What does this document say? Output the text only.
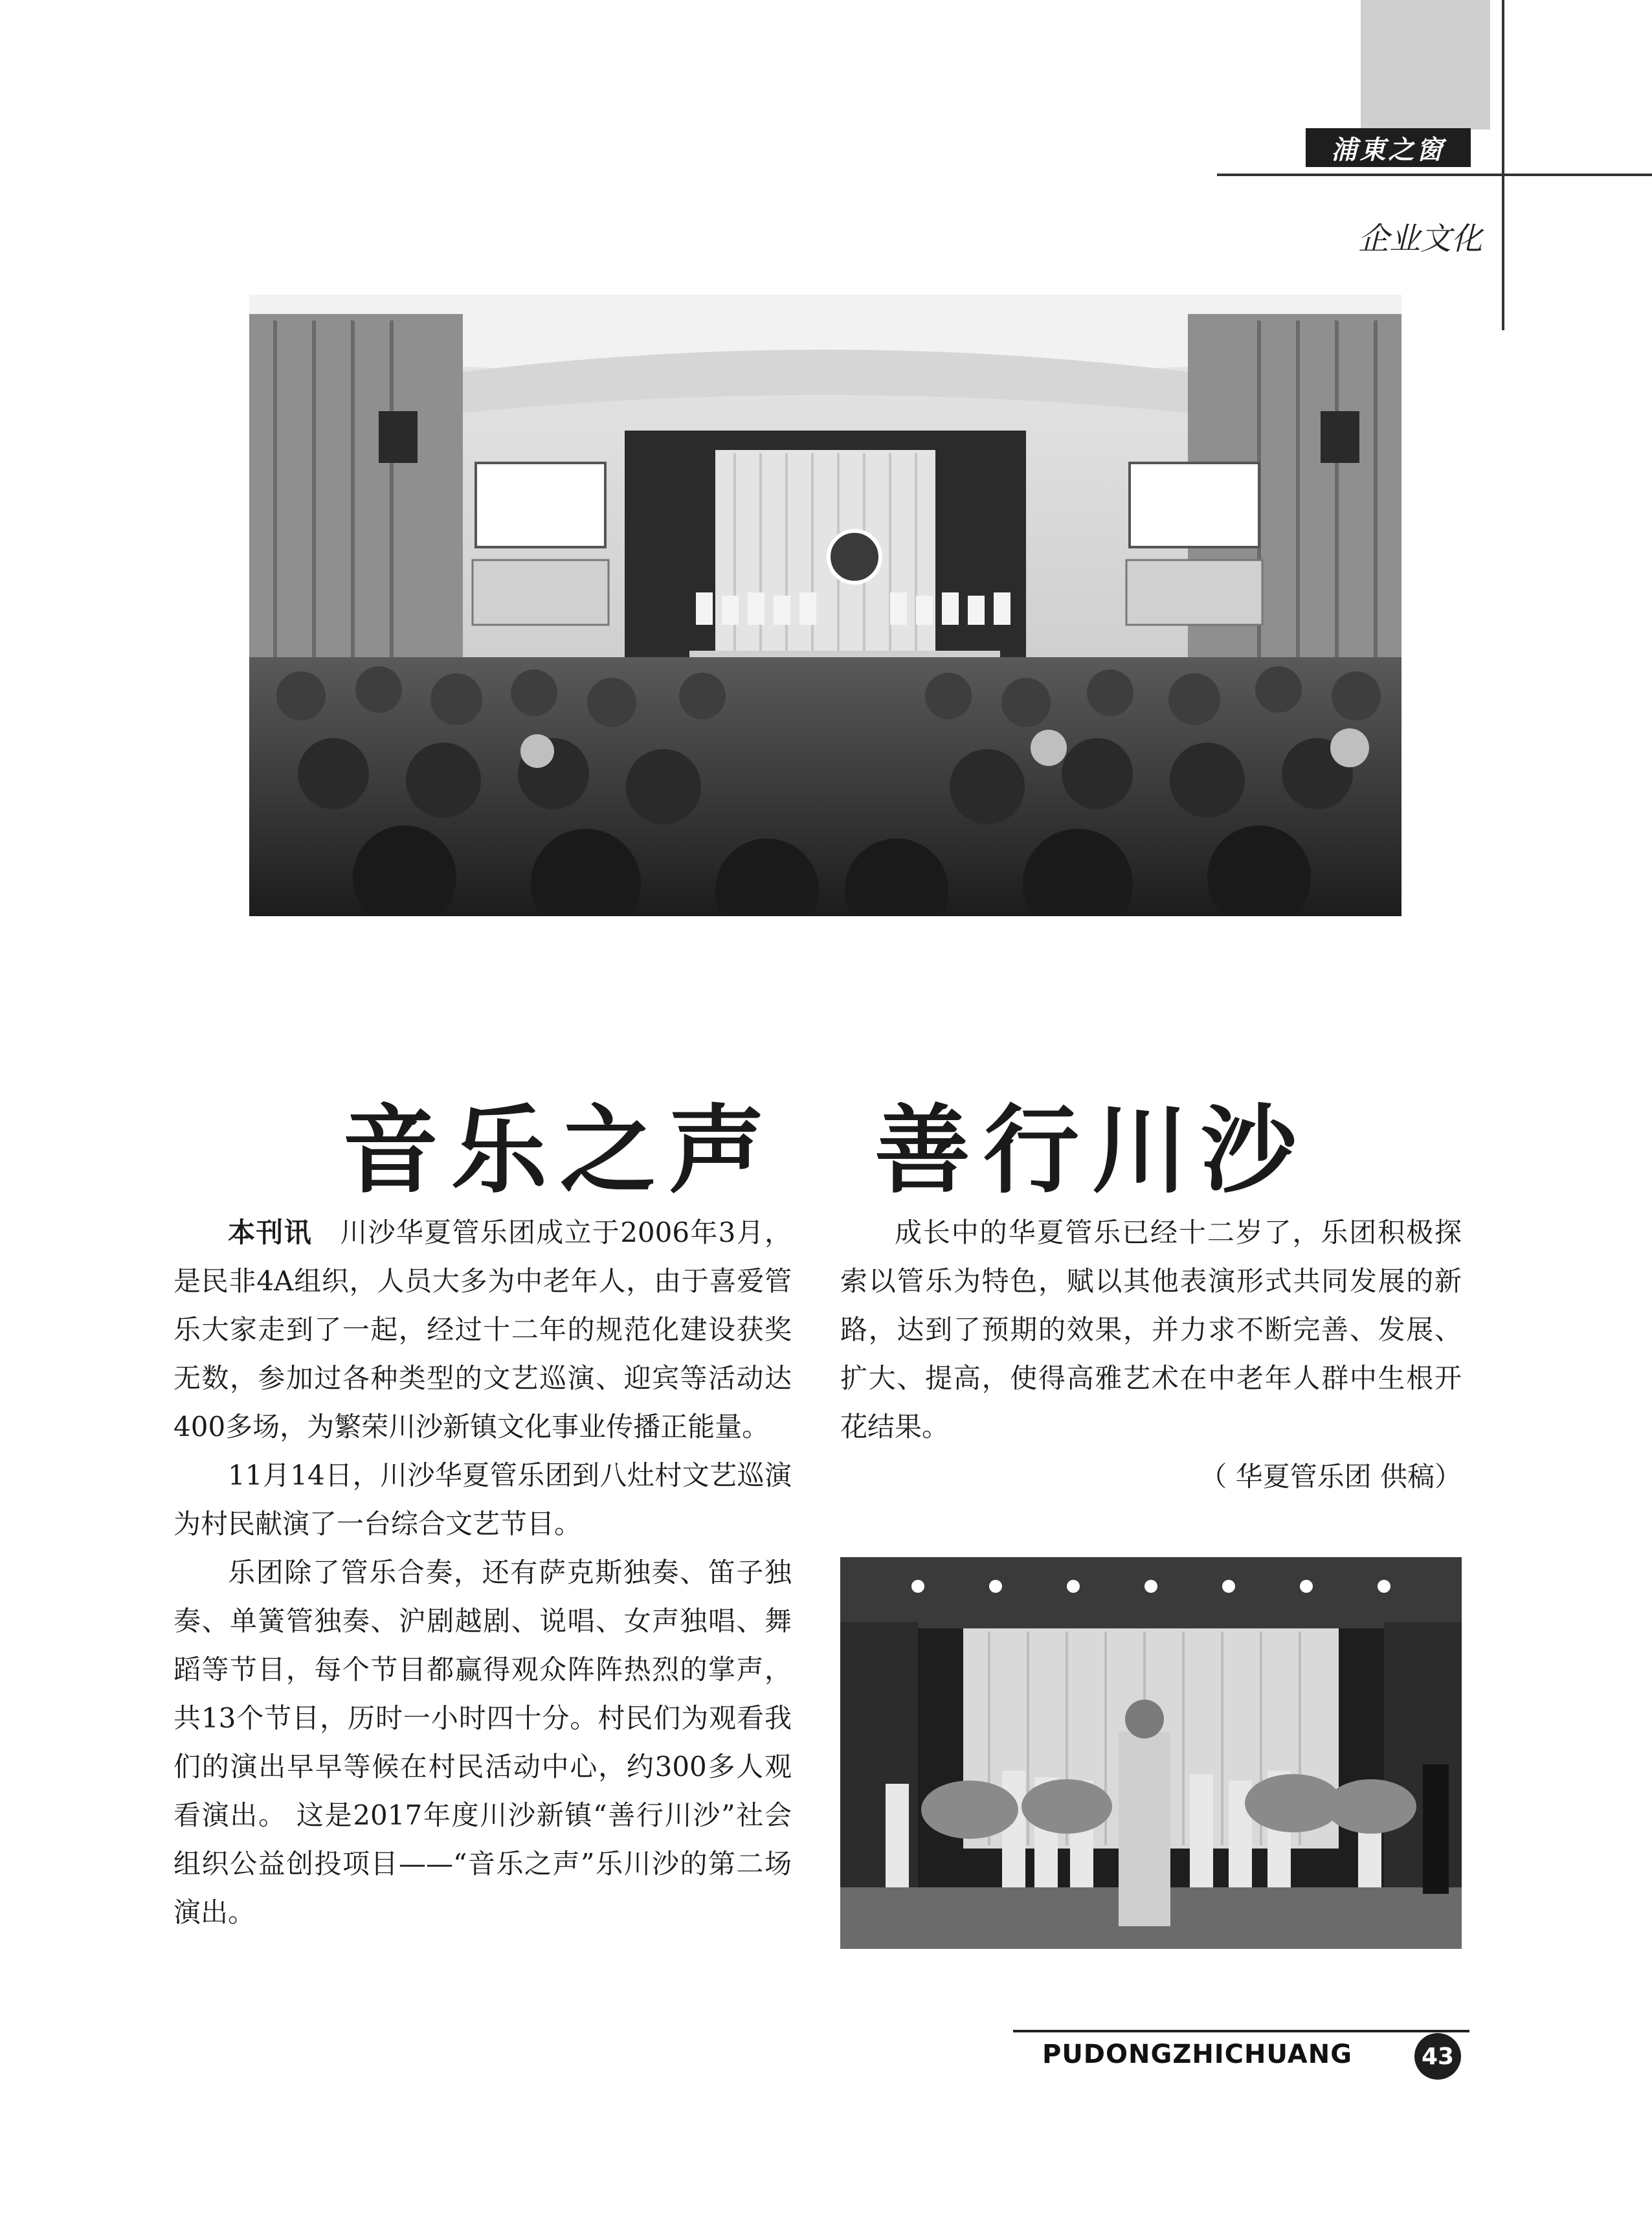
浦東之窗
企业文化
音乐之声 善行川沙

本刊讯　 川沙华夏管乐团成立于2006年3月，是民非4A组织，人员大多为中老年人，由于喜爱管乐大家走到了一起，经过十二年的规范化建设获奖无数，参加过各种类型的文艺巡演、迎宾等活动达400多场，为繁荣川沙新镇文化事业传播正能量。

11月14日，川沙华夏管乐团到八灶村文艺巡演为村民献演了一台综合文艺节目。

乐团除了管乐合奏，还有萨克斯独奏、笛子独奏、单簧管独奏、沪剧越剧、说唱、女声独唱、舞蹈等节目，每个节目都赢得观众阵阵热烈的掌声，共13个节目，历时一小时四十分。村民们为观看我们的演出早早等候在村民活动中心，约300多人观看演出。 这是2017年度川沙新镇“善行川沙”社会组织公益创投项目——“音乐之声”乐川沙的第二场演出。

成长中的华夏管乐已经十二岁了，乐团积极探索以管乐为特色，赋以其他表演形式共同发展的新路，达到了预期的效果，并力求不断完善、发展、扩大、提高，使得高雅艺术在中老年人群中生根开花结果。

（ 华夏管乐团 供稿）
PUDONGZHICHUANG	43
